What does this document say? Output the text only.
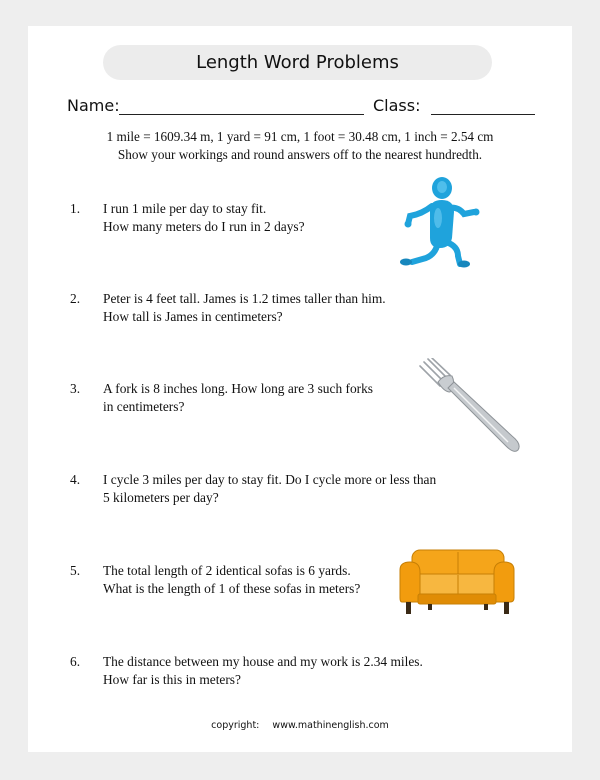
Length Word Problems
Name:	Class:
1 mile = 1609.34 m, 1 yard = 91 cm, 1 foot = 30.48 cm, 1 inch = 2.54 cm
Show your workings and round answers off to the nearest hundredth.
1. I run 1 mile per day to stay fit.
How many meters do I run in 2 days?
2. Peter is 4 feet tall. James is 1.2 times taller than him.
How tall is James in centimeters?
3. A fork is 8 inches long. How long are 3 such forks
in centimeters?
4. I cycle 3 miles per day to stay fit. Do I cycle more or less than
5 kilometers per day?
5. The total length of 2 identical sofas is 6 yards.
What is the length of 1 of these sofas in meters?
6. The distance between my house and my work is 2.34 miles.
How far is this in meters?
copyright: www.mathinenglish.com
